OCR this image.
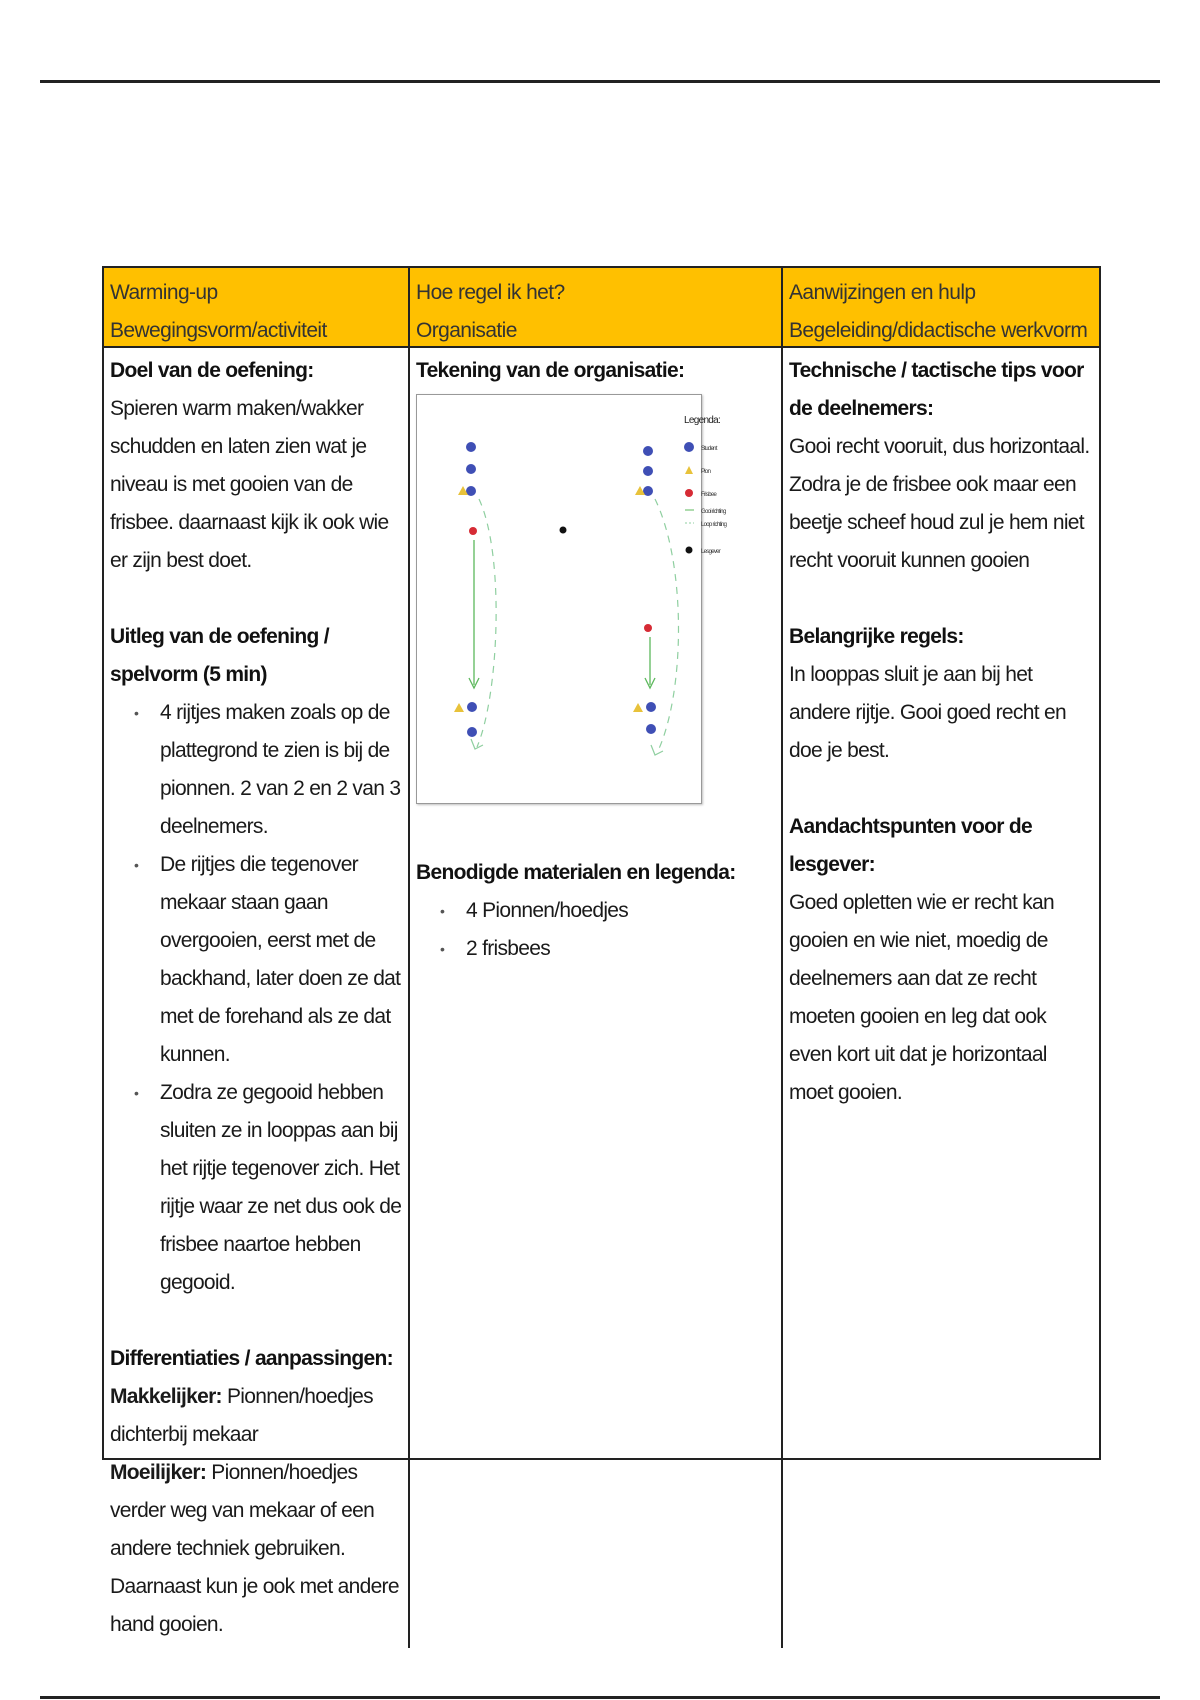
Warming-up
Bewegingsvorm/activiteit
Hoe regel ik het?
Organisatie
Aanwijzingen en hulp
Begeleiding/didactische werkvorm
Doel van de oefening:
Spieren warm maken/wakker schudden en laten zien wat je niveau is met gooien van de frisbee. daarnaast kijk ik ook wie er zijn best doet.
Uitleg van de oefening / spelvorm (5 min)
• 4 rijtjes maken zoals op de plattegrond te zien is bij de pionnen. 2 van 2 en 2 van 3 deelnemers.
• De rijtjes die tegenover mekaar staan gaan overgooien, eerst met de backhand, later doen ze dat met de forehand als ze dat kunnen.
• Zodra ze gegooid hebben sluiten ze in looppas aan bij het rijtje tegenover zich. Het rijtje waar ze net dus ook de frisbee naartoe hebben gegooid.
Differentiaties / aanpassingen:
Makkelijker: Pionnen/hoedjes dichterbij mekaar
Moeilijker: Pionnen/hoedjes verder weg van mekaar of een andere techniek gebruiken. Daarnaast kun je ook met andere hand gooien.
Tekening van de organisatie:
Legenda:
Student
Pion
Frisbee
Gooi richting
Loop richting
Lesgever
Benodigde materialen en legenda:
• 4 Pionnen/hoedjes
• 2 frisbees
Technische / tactische tips voor de deelnemers:
Gooi recht vooruit, dus horizontaal. Zodra je de frisbee ook maar een beetje scheef houd zul je hem niet recht vooruit kunnen gooien
Belangrijke regels:
In looppas sluit je aan bij het andere rijtje. Gooi goed recht en doe je best.
Aandachtspunten voor de lesgever:
Goed opletten wie er recht kan gooien en wie niet, moedig de deelnemers aan dat ze recht moeten gooien en leg dat ook even kort uit dat je horizontaal moet gooien.
